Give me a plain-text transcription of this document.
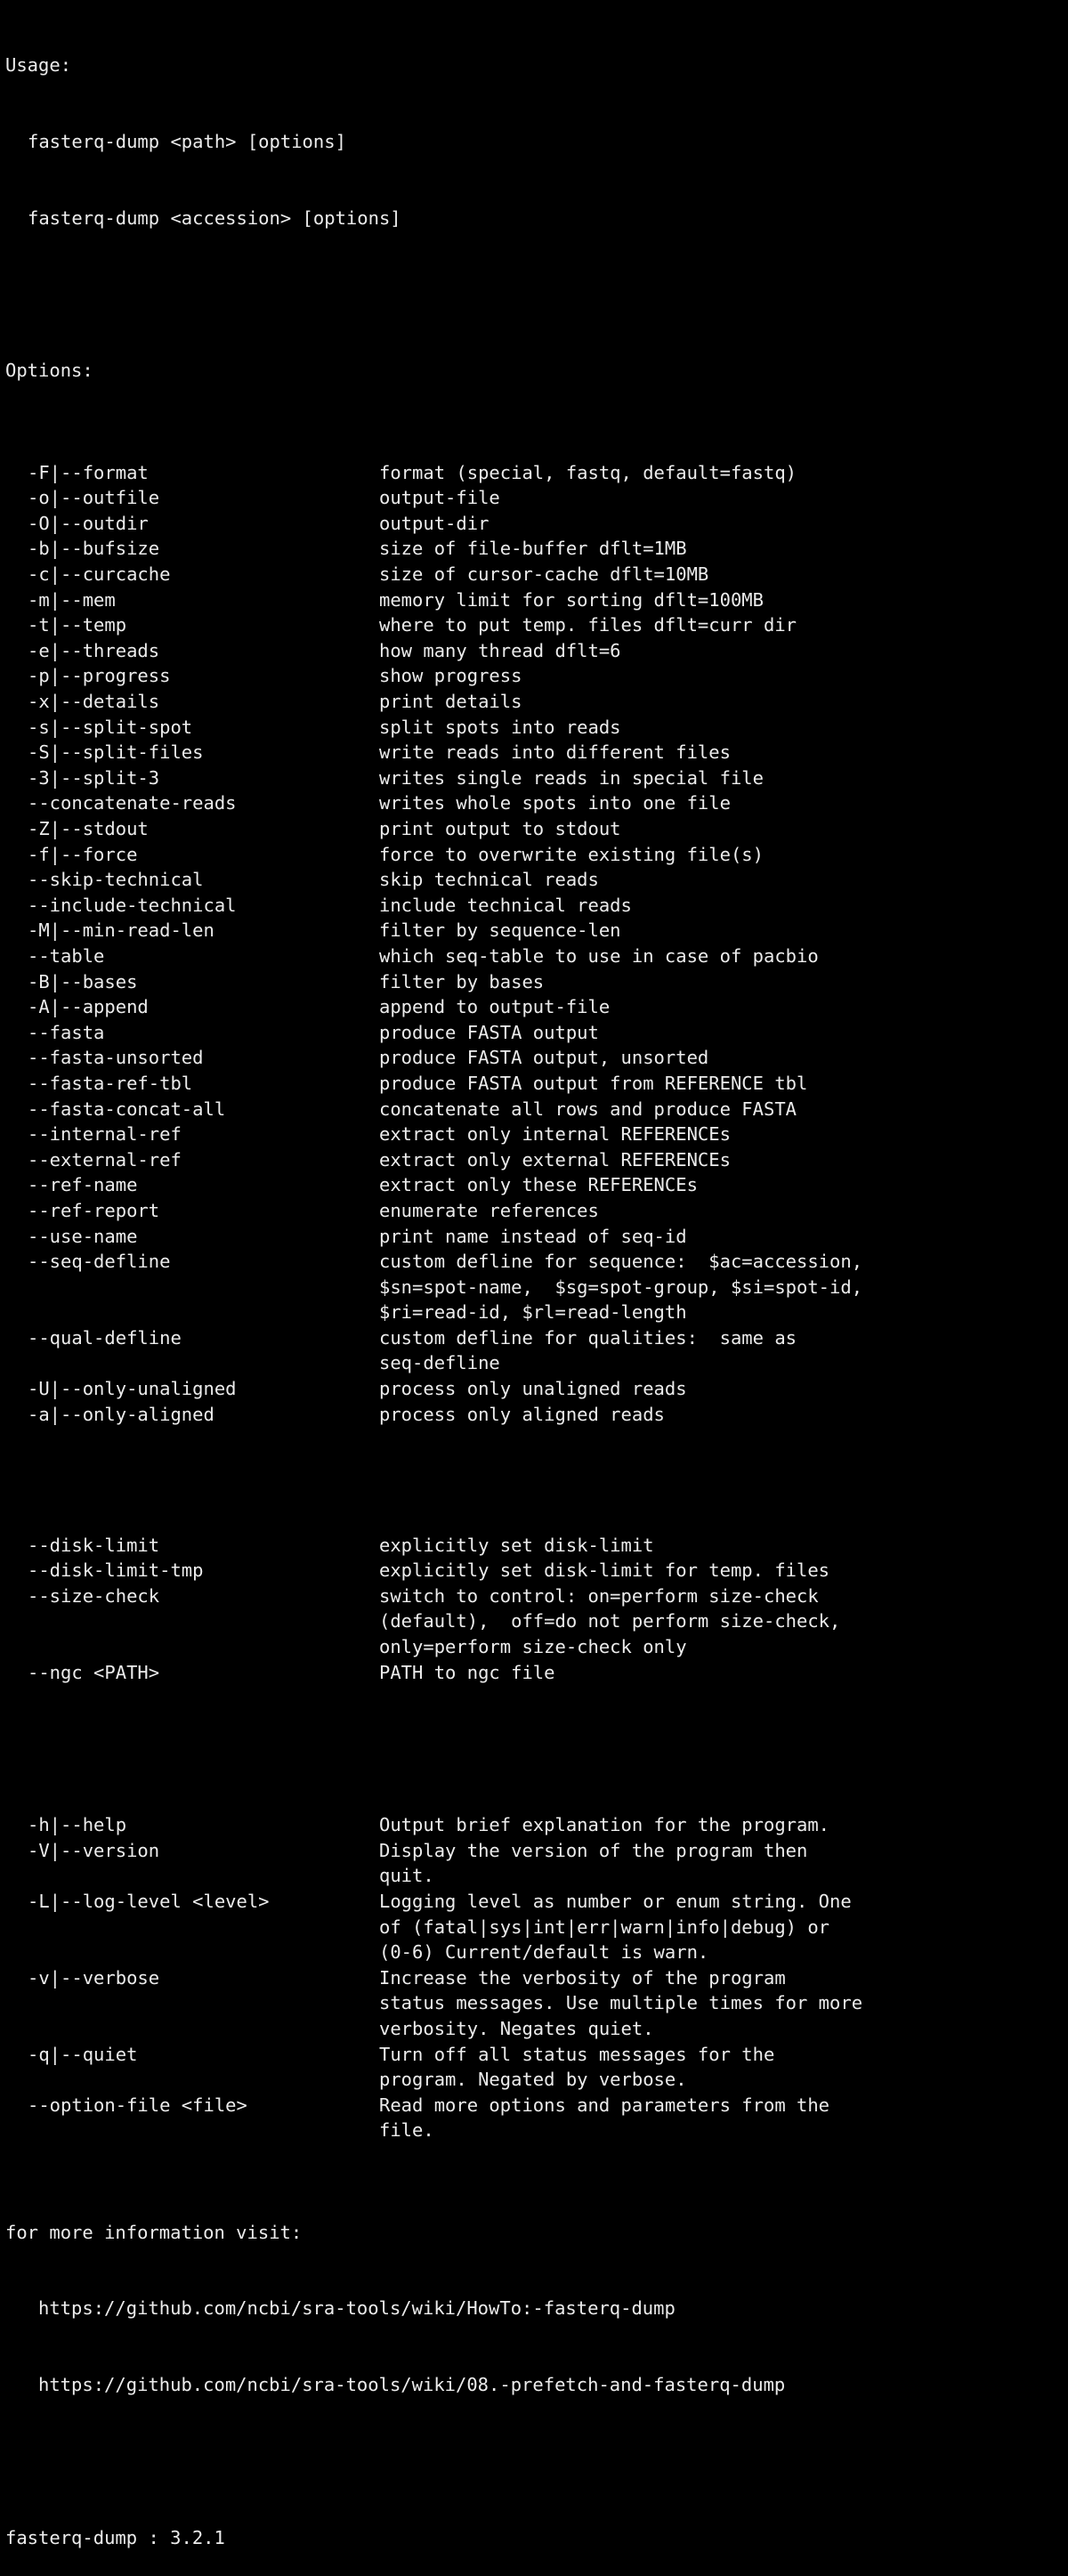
Usage:

fasterq-dump <path> [options]

fasterq-dump <accession> [options]

Options:

-F|--format	format (special, fastq, default=fastq)
-o|--outfile	output-file
-O|--outdir	output-dir
-b|--bufsize	size of file-buffer dflt=1MB
-c|--curcache	size of cursor-cache dflt=10MB
-m|--mem	memory limit for sorting dflt=100MB
-t|--temp	where to put temp. files dflt=curr dir
-e|--threads	how many thread dflt=6
-p|--progress	show progress
-x|--details	print details
-s|--split-spot	split spots into reads
-S|--split-files	write reads into different files
-3|--split-3	writes single reads in special file
--concatenate-reads	writes whole spots into one file
-Z|--stdout	print output to stdout
-f|--force	force to overwrite existing file(s)
--skip-technical	skip technical reads
--include-technical	include technical reads
-M|--min-read-len	filter by sequence-len
--table	which seq-table to use in case of pacbio
-B|--bases	filter by bases
-A|--append	append to output-file
--fasta	produce FASTA output
--fasta-unsorted	produce FASTA output, unsorted
--fasta-ref-tbl	produce FASTA output from REFERENCE tbl
--fasta-concat-all	concatenate all rows and produce FASTA
--internal-ref	extract only internal REFERENCEs
--external-ref	extract only external REFERENCEs
--ref-name	extract only these REFERENCEs
--ref-report	enumerate references
--use-name	print name instead of seq-id
--seq-defline	custom defline for sequence:  $ac=accession,
$sn=spot-name,  $sg=spot-group, $si=spot-id,
$ri=read-id, $rl=read-length
--qual-defline	custom defline for qualities:  same as
seq-defline
-U|--only-unaligned	process only unaligned reads
-a|--only-aligned	process only aligned reads

--disk-limit	explicitly set disk-limit
--disk-limit-tmp	explicitly set disk-limit for temp. files
--size-check	switch to control: on=perform size-check
(default),  off=do not perform size-check,
only=perform size-check only
--ngc <PATH>	PATH to ngc file

-h|--help	Output brief explanation for the program.
-V|--version	Display the version of the program then
quit.
-L|--log-level <level>	Logging level as number or enum string. One
of (fatal|sys|int|err|warn|info|debug) or
(0-6) Current/default is warn.
-v|--verbose	Increase the verbosity of the program
status messages. Use multiple times for more
verbosity. Negates quiet.
-q|--quiet	Turn off all status messages for the
program. Negated by verbose.
--option-file <file>	Read more options and parameters from the
file.

for more information visit:

https://github.com/ncbi/sra-tools/wiki/HowTo:-fasterq-dump

https://github.com/ncbi/sra-tools/wiki/08.-prefetch-and-fasterq-dump

fasterq-dump : 3.2.1
